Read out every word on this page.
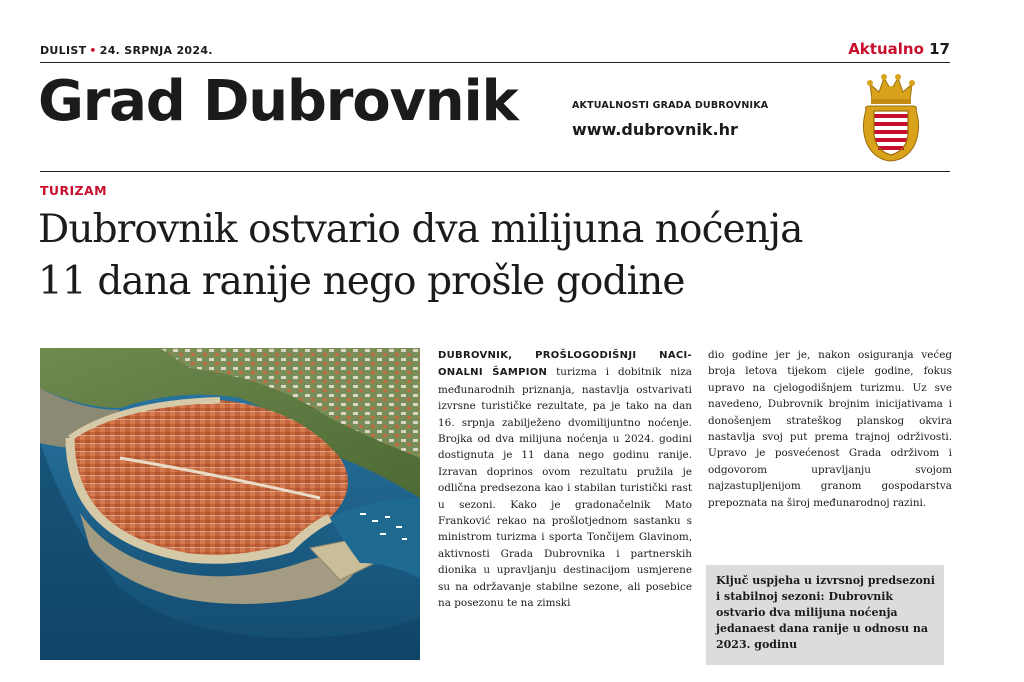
DULIST • 24. SRPNJA 2024.	Aktualno 17
Grad Dubrovnik	AKTUALNOSTI GRADA DUBROVNIKA
www.dubrovnik.hr
TURIZAM
Dubrovnik ostvario dva milijuna noćenja
11 dana ranije nego prošle godine
DUBROVNIK, PROŠLOGODIŠNJI NACI-ONALNI ŠAMPION turizma i dobitnik niza međunarodnih priznanja, nastavlja ostvarivati izvrsne turističke rezultate, pa je tako na dan 16. srpnja zabilježeno dvomilijuntno noćenje. Brojka od dva milijuna noćenja u 2024. godini dostignuta je 11 dana nego godinu ranije. Izravan doprinos ovom rezultatu pružila je odlična predsezona kao i stabilan turistički rast u sezoni. Kako je gradonačelnik Mato Franković rekao na prošlotjednom sastanku s ministrom turizma i sporta Tončijem Glavinom, aktivnosti Grada Dubrovnika i partnerskih dionika u upravljanju destinacijom usmjerene su na održavanje stabilne sezone, ali posebice na posezonu te na zimski
dio godine jer je, nakon osiguranja većeg broja letova tijekom cijele godine, fokus upravo na cjelogodišnjem turizmu. Uz sve navedeno, Dubrovnik brojnim inicijativama i donošenjem strateškog planskog okvira nastavlja svoj put prema trajnoj održivosti. Upravo je posvećenost Grada održivom i odgovorom upravljanju svojom najzastupljenijom granom gospodarstva prepoznata na široj međunarodnoj razini.
Ključ uspjeha u izvrsnoj predsezoni i stabilnoj sezoni: Dubrovnik ostvario dva milijuna noćenja jedanaest dana ranije u odnosu na 2023. godinu
